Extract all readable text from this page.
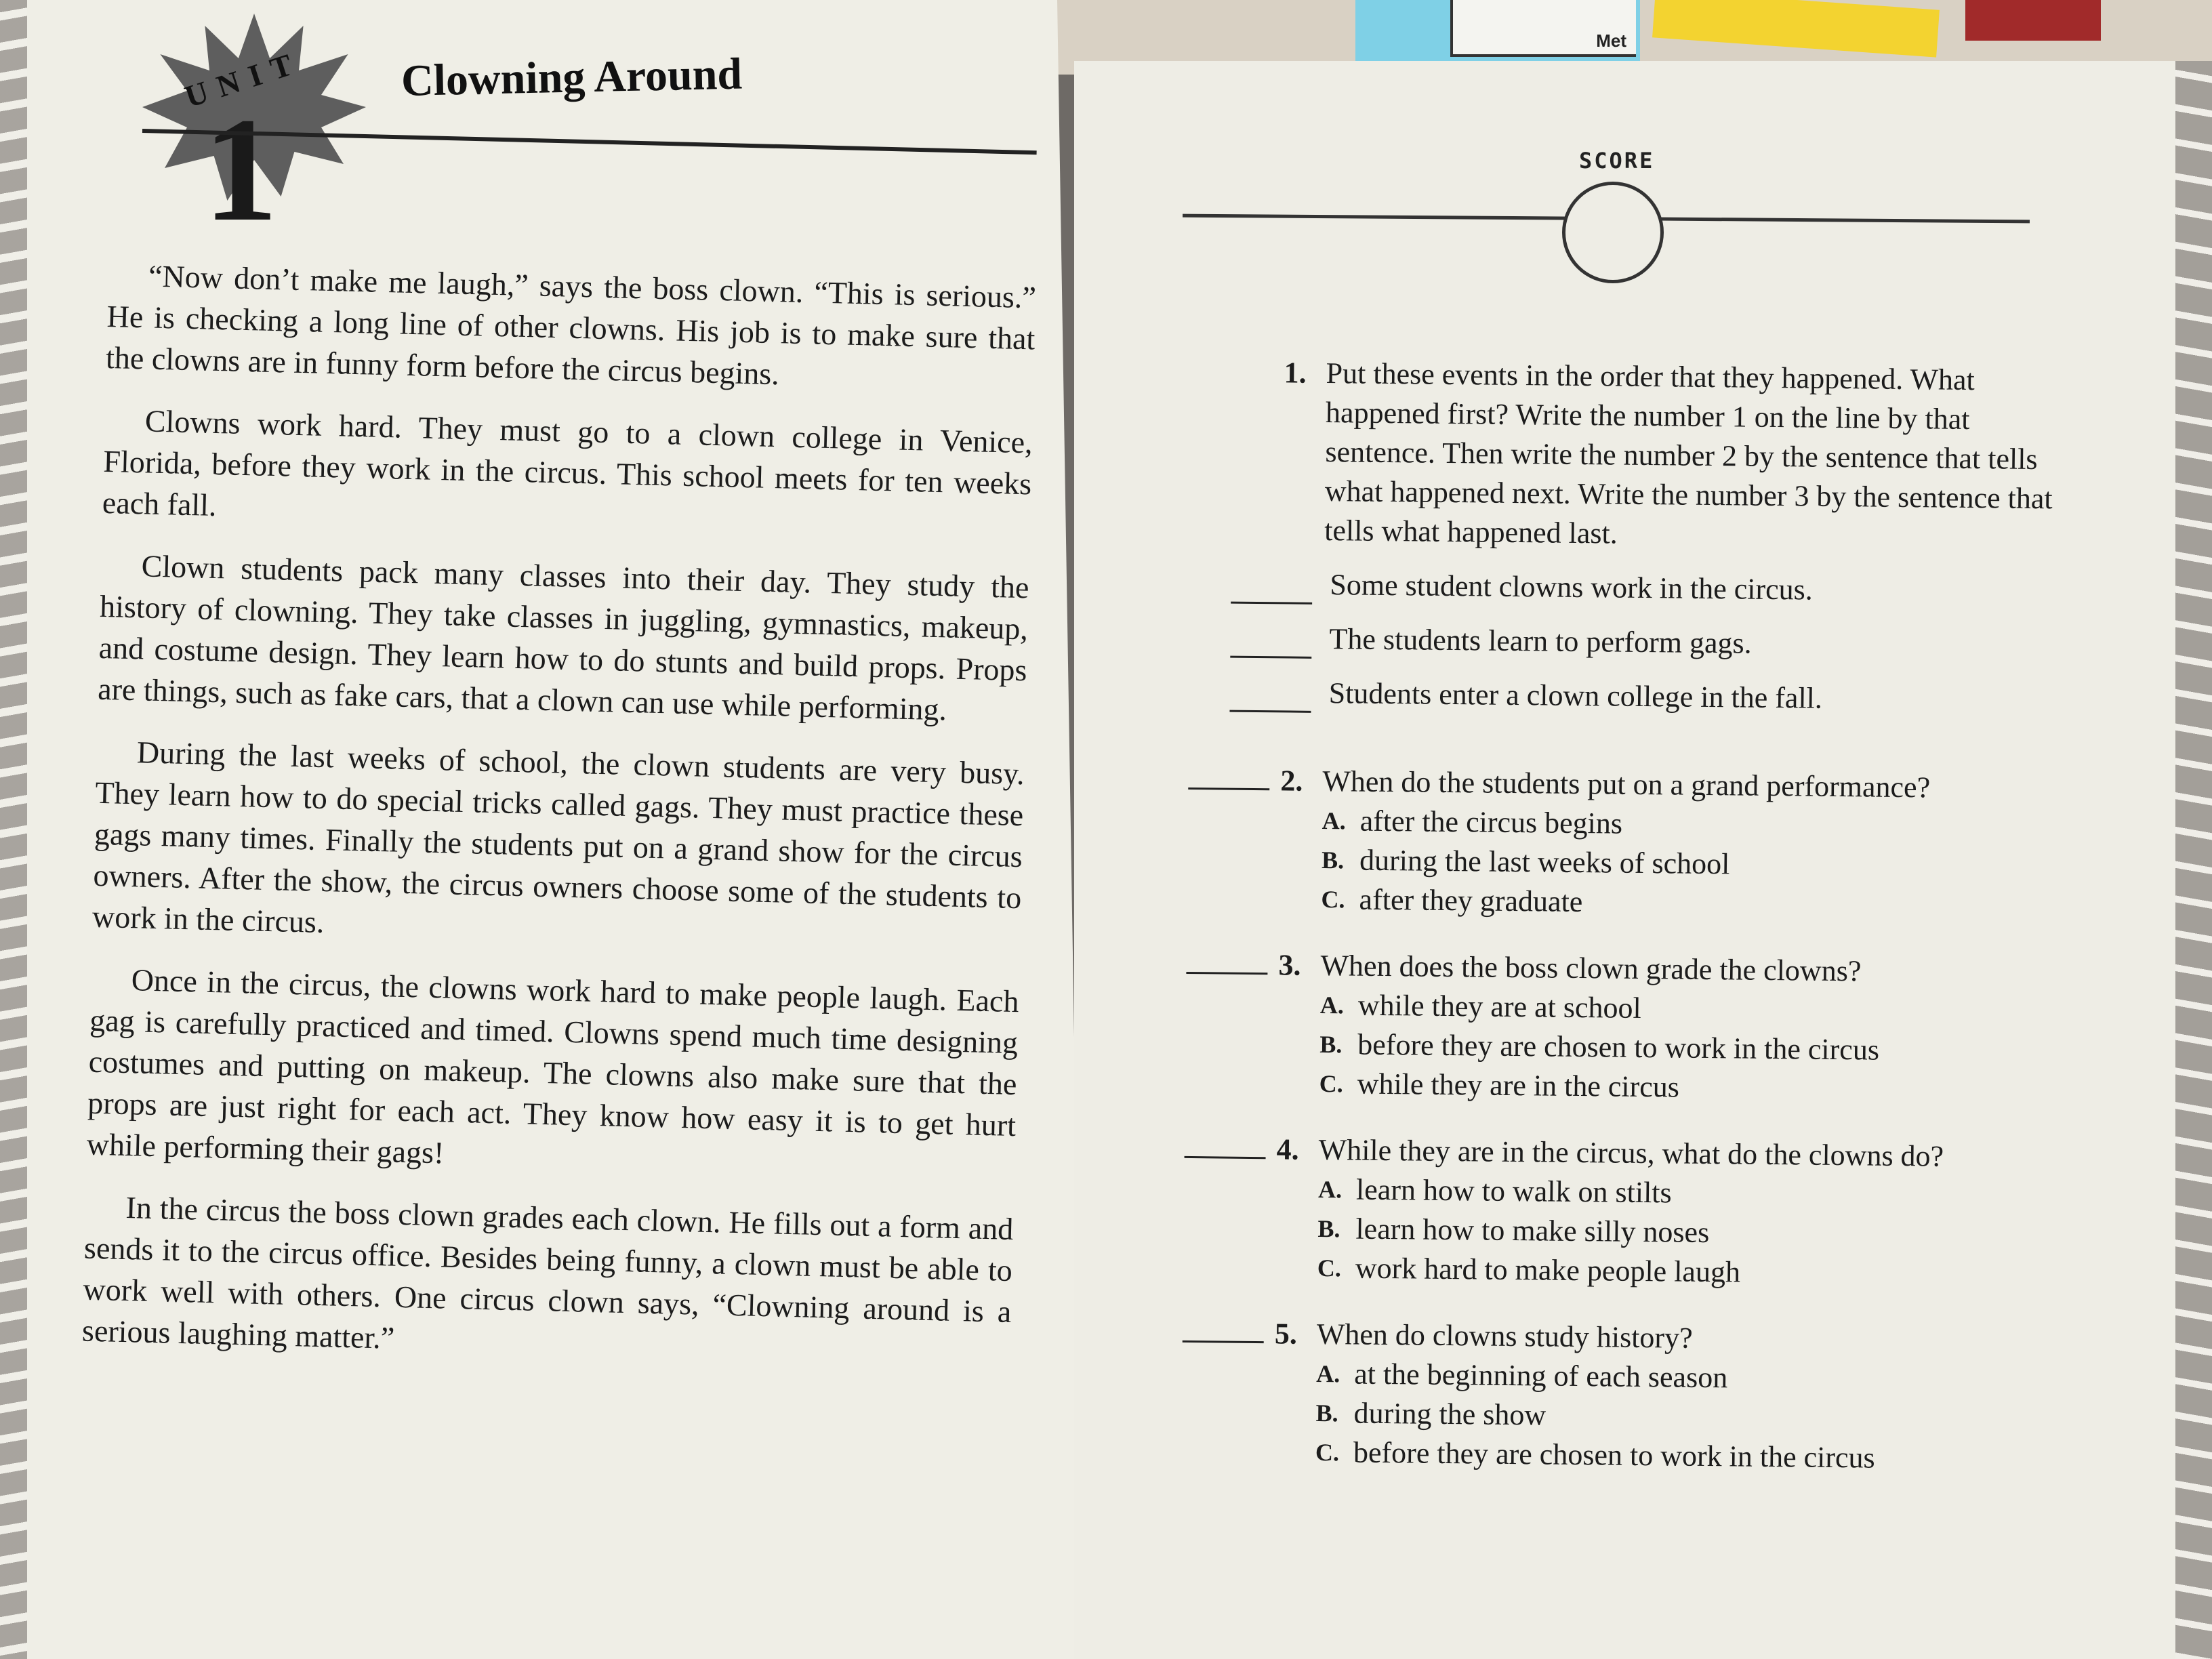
Met
UNIT
1
Clowning Around

“Now don’t make me laugh,” says the boss clown. “This is serious.” He is checking a long line of other clowns. His job is to make sure that the clowns are in funny form before the circus begins.

Clowns work hard. They must go to a clown college in Venice, Florida, before they work in the circus. This school meets for ten weeks each fall.

Clown students pack many classes into their day. They study the history of clowning. They take classes in juggling, gymnastics, makeup, and costume design. They learn how to do stunts and build props. Props are things, such as fake cars, that a clown can use while performing.

During the last weeks of school, the clown students are very busy. They learn how to do special tricks called gags. They must practice these gags many times. Finally the students put on a grand show for the circus owners. After the show, the circus owners choose some of the students to work in the circus.

Once in the circus, the clowns work hard to make people laugh. Each gag is carefully practiced and timed. Clowns spend much time designing costumes and putting on makeup. The clowns also make sure that the props are just right for each act. They know how easy it is to get hurt while performing their gags!

In the circus the boss clown grades each clown. He fills out a form and sends it to the circus office. Besides being funny, a clown must be able to work well with others. One circus clown says, “Clowning around is a serious laughing matter.”

SCORE
1. Put these events in the order that they happened. What happened first? Write the number 1 on the line by that sentence. Then write the number 2 by the sentence that tells what happened next. Write the number 3 by the sentence that tells what happened last.
Some student clowns work in the circus.
The students learn to perform gags.
Students enter a clown college in the fall.
2. When do the students put on a grand performance?
A. after the circus begins
B. during the last weeks of school
C. after they graduate
3. When does the boss clown grade the clowns?
A. while they are at school
B. before they are chosen to work in the circus
C. while they are in the circus
4. While they are in the circus, what do the clowns do?
A. learn how to walk on stilts
B. learn how to make silly noses
C. work hard to make people laugh
5. When do clowns study history?
A. at the beginning of each season
B. during the show
C. before they are chosen to work in the circus
